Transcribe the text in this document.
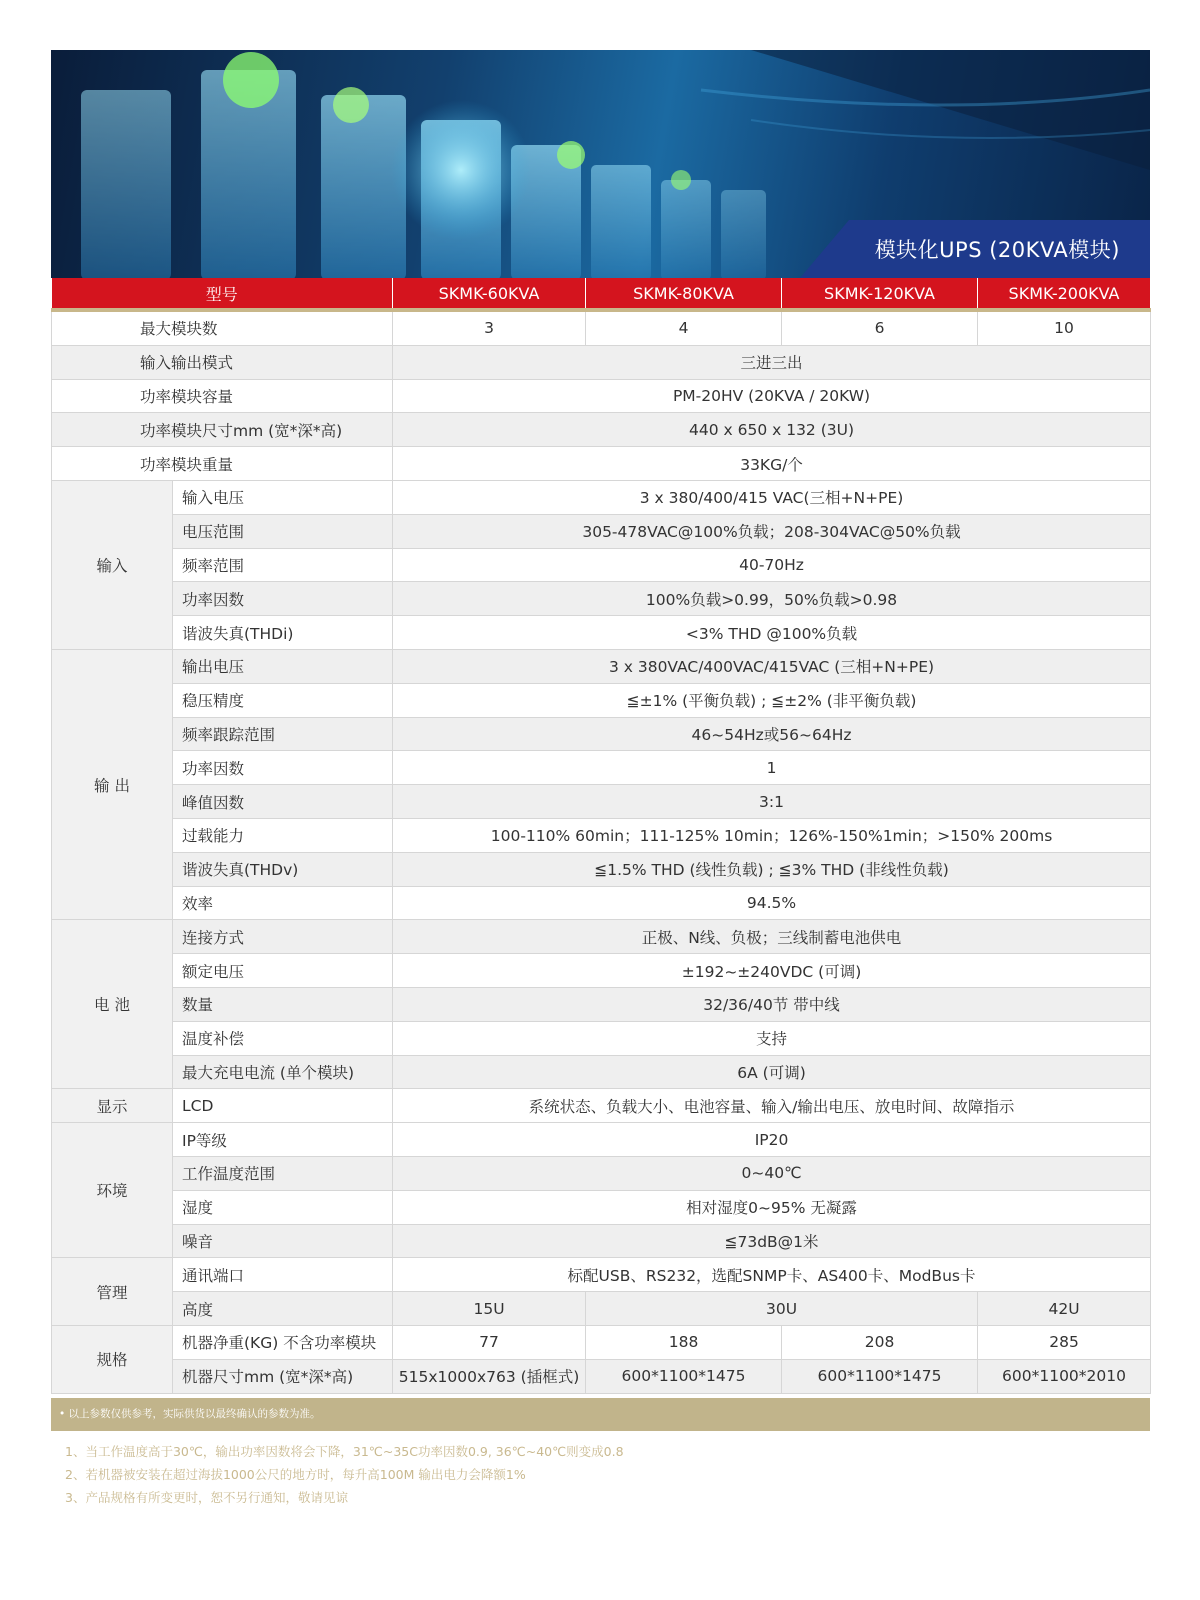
模块化UPS (20KVA模块)
型号		SKMK-60KVA	SKMK-80KVA	SKMK-120KVA	SKMK-200KVA
最大模块数		3	4	6	10
输入输出模式		三进三出			
功率模块容量		PM-20HV (20KVA / 20KW)			
功率模块尺寸mm (宽*深*高)		440 x 650 x 132 (3U)			
功率模块重量		33KG/个			
输入	输入电压	3 x 380/400/415 VAC(三相+N+PE)			
	电压范围	305-478VAC@100%负载；208-304VAC@50%负载			
	频率范围	40-70Hz			
	功率因数	100%负载>0.99，50%负载>0.98			
	谐波失真(THDi)	<3% THD @100%负载			
输 出	输出电压	3 x 380VAC/400VAC/415VAC (三相+N+PE)			
	稳压精度	≦±1% (平衡负载) ; ≦±2% (非平衡负载)			
	频率跟踪范围	46~54Hz或56~64Hz			
	功率因数	1			
	峰值因数	3:1			
	过载能力	100-110% 60min；111-125% 10min；126%-150%1min；>150% 200ms			
	谐波失真(THDv)	≦1.5% THD (线性负载) ; ≦3% THD (非线性负载)			
	效率	94.5%			
电 池	连接方式	正极、N线、负极；三线制蓄电池供电			
	额定电压	±192~±240VDC (可调)			
	数量	32/36/40节 带中线			
	温度补偿	支持			
	最大充电电流 (单个模块)	6A (可调)			
显示	LCD	系统状态、负载大小、电池容量、输入/输出电压、放电时间、故障指示			
环境	IP等级	IP20			
	工作温度范围	0~40℃			
	湿度	相对湿度0~95% 无凝露			
	噪音	≦73dB@1米			
管理	通讯端口	标配USB、RS232，选配SNMP卡、AS400卡、ModBus卡			
	高度	15U	30U		42U
规格	机器净重(KG) 不含功率模块	77	188	208	285
	机器尺寸mm (宽*深*高)	515x1000x763 (插框式)	600*1100*1475	600*1100*1475	600*1100*2010
• 以上参数仅供参考，实际供货以最终确认的参数为准。
1、当工作温度高于30℃，输出功率因数将会下降，31℃~35C功率因数0.9, 36℃~40℃则变成0.8
2、若机器被安装在超过海拔1000公尺的地方时，每升高100M 输出电力会降额1%
3、产品规格有所变更时，恕不另行通知，敬请见谅
